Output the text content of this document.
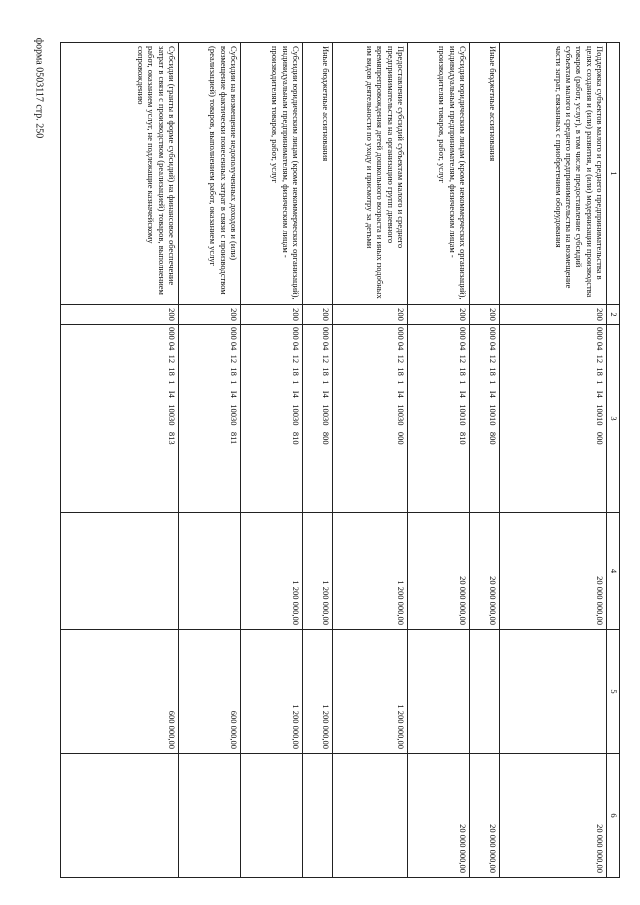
форма 0503117 стр. 250
1	2	3	4	5	6
Поддержка субъектов малого и среднего предпринимательства в целях создания и (или) развития, и (или) модернизации производства товаров (работ, услуг), в том числе предоставление субсидий субъектам малого и среднего предпринимательства на возмещение части затрат, связанных с приобретением оборудования	200	000 04  12  18  1   I4   10010   000	20 000 000,00		20 000 000,00
Иные бюджетные ассигнования	200	000 04  12  18  1   I4   10010   800	20 000 000,00		20 000 000,00
Субсидии юридическим лицам (кроме некоммерческих организаций), индивидуальным предпринимателям, физическим лицам - производителям товаров, работ, услуг	200	000 04  12  18  1   I4   10010   810	20 000 000,00		20 000 000,00
Предоставление субсидий субъектам малого и среднего предпринимательства на организацию групп дневного времяпрепровождения детей дошкольного возраста и иных подобных им видов деятельности по уходу и присмотру за детьми	200	000 04  12  18  1   I4   10030   000	1 200 000,00	1 200 000,00	
Иные бюджетные ассигнования	200	000 04  12  18  1   I4   10030   800	1 200 000,00	1 200 000,00	
Субсидии юридическим лицам (кроме некоммерческих организаций), индивидуальным предпринимателям, физическим лицам - производителям товаров, работ, услуг	200	000 04  12  18  1   I4   10030   810	1 200 000,00	1 200 000,00	
Субсидии на возмещение недополученных доходов и (или) возмещение фактически понесенных затрат в связи с производством (реализацией) товаров, выполнением работ, оказанием услуг	200	000 04  12  18  1   I4   10030   811		600 000,00	
Субсидии (гранты в форме субсидий) на финансовое обеспечение затрат в связи с производством (реализацией) товаров, выполнением работ, оказанием услуг, не подлежащие казначейскому сопровождению	200	000 04  12  18  1   I4   10030   813		600 000,00	
